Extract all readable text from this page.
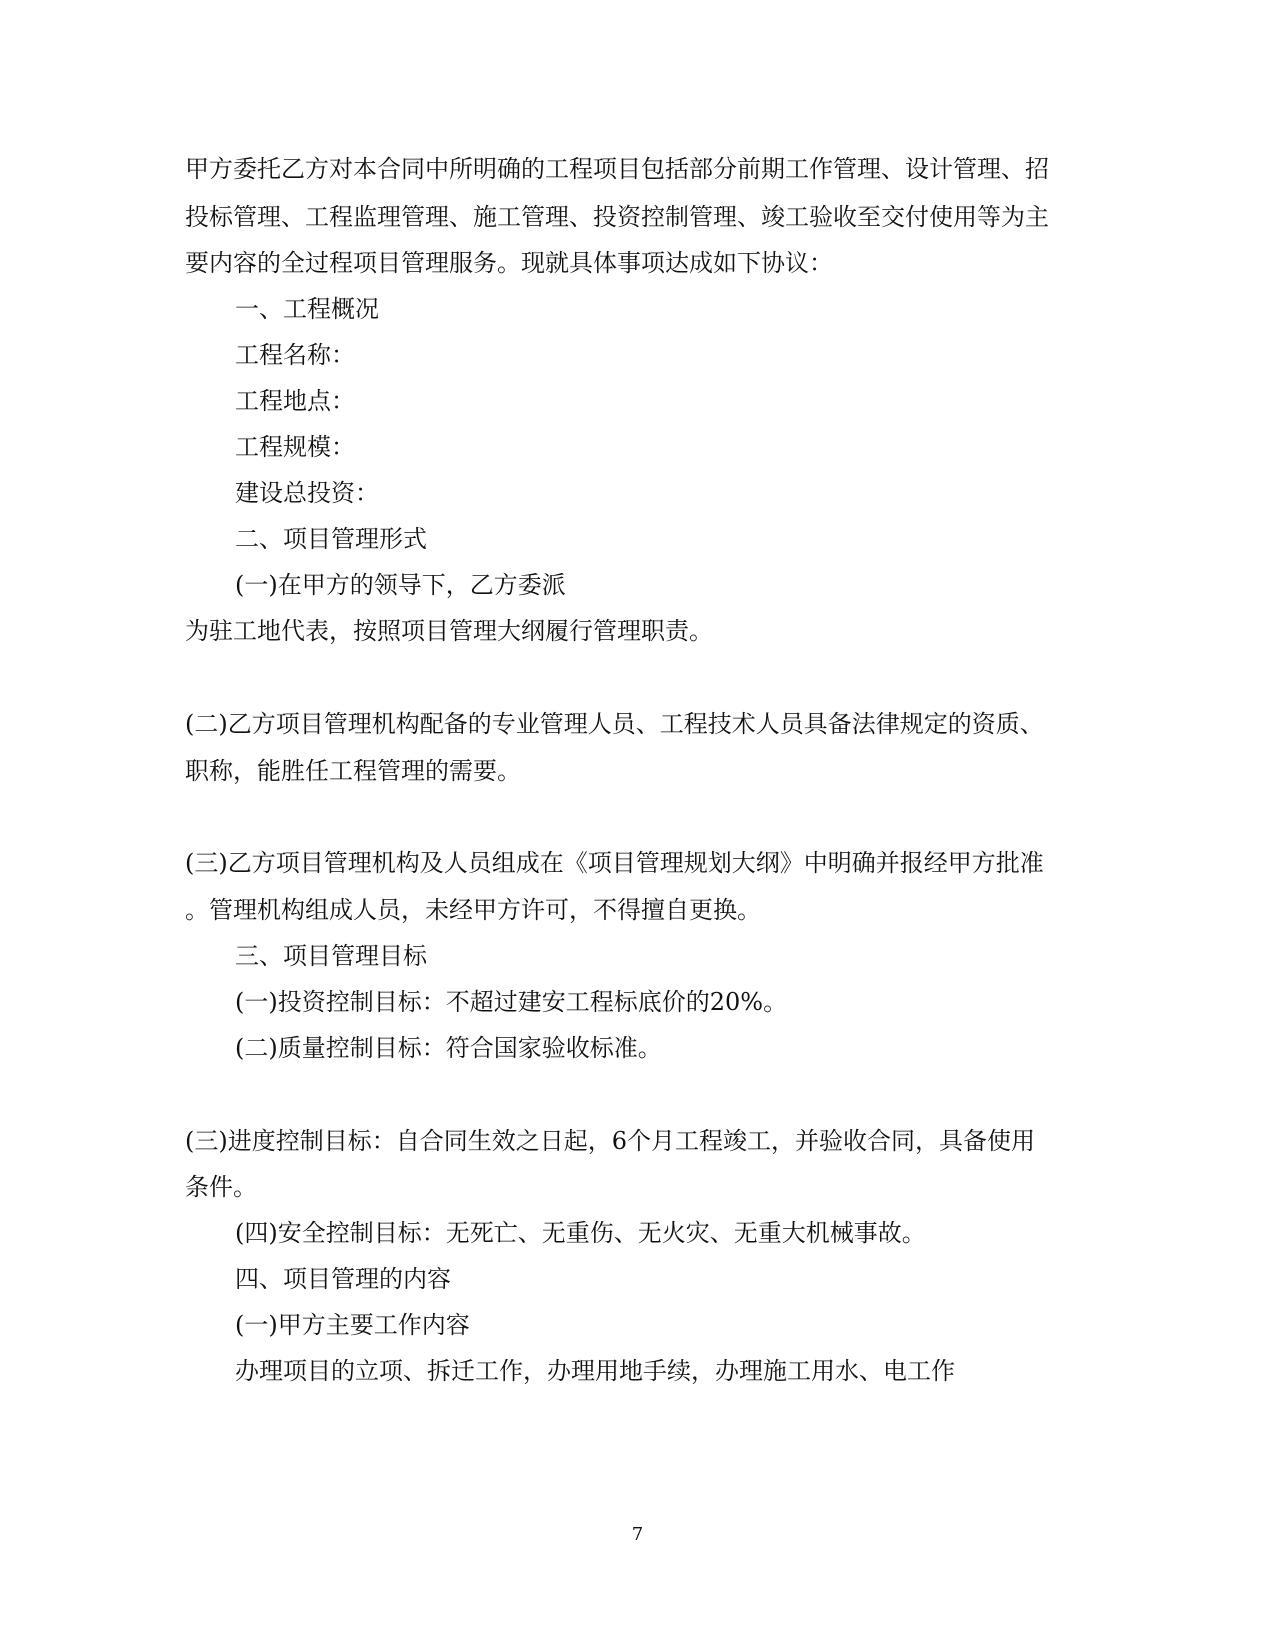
甲方委托乙方对本合同中所明确的工程项目包括部分前期工作管理、设计管理、招
投标管理、工程监理管理、施工管理、投资控制管理、竣工验收至交付使用等为主
要内容的全过程项目管理服务。现就具体事项达成如下协议：
一、工程概况
工程名称：
工程地点：
工程规模：
建设总投资：
二、项目管理形式
(一)在甲方的领导下，乙方委派
为驻工地代表，按照项目管理大纲履行管理职责。
(二)乙方项目管理机构配备的专业管理人员、工程技术人员具备法律规定的资质、
职称，能胜任工程管理的需要。
(三)乙方项目管理机构及人员组成在《项目管理规划大纲》中明确并报经甲方批准
。管理机构组成人员，未经甲方许可，不得擅自更换。
三、项目管理目标
(一)投资控制目标：不超过建安工程标底价的20%。
(二)质量控制目标：符合国家验收标准。
(三)进度控制目标：自合同生效之日起，6个月工程竣工，并验收合同，具备使用
条件。
(四)安全控制目标：无死亡、无重伤、无火灾、无重大机械事故。
四、项目管理的内容
(一)甲方主要工作内容
办理项目的立项、拆迁工作，办理用地手续，办理施工用水、电工作
7
